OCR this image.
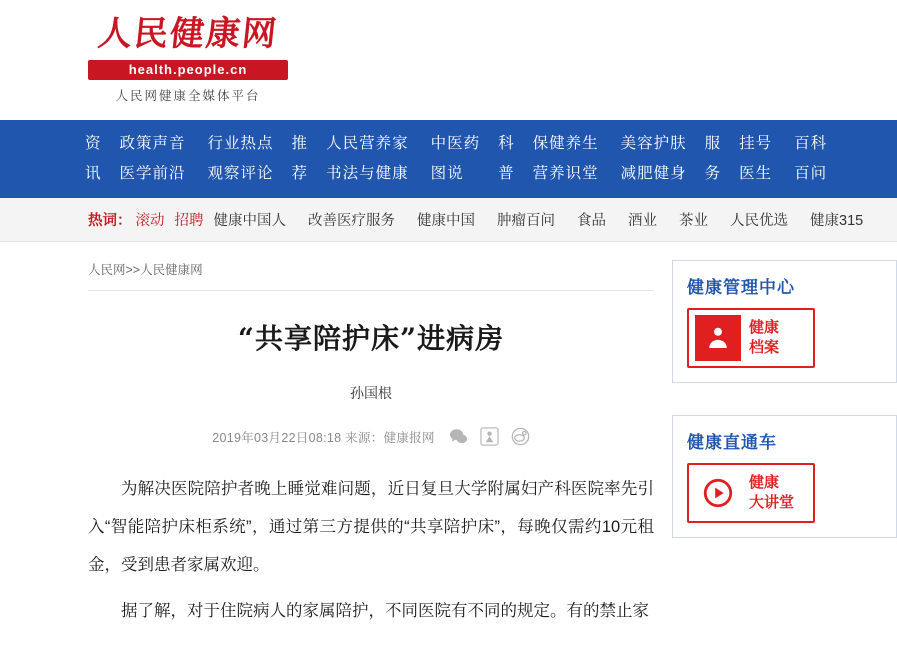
人民健康网
health.people.cn
人民网健康全媒体平台
资
讯
政策声音
医学前沿
行业热点
观察评论
推
荐
人民营养家
书法与健康
中医药
图说
科
普
保健养生
营养识堂
美容护肤
减肥健身
服
务
挂号
医生
百科
百问
热词： 滚动 招聘 健康中国人 改善医疗服务 健康中国 肿瘤百问 食品 酒业 茶业 人民优选 健康315
人民网>>人民健康网
“共享陪护床”进病房
孙国根
2019年03月22日08:18 来源：健康报网

为解决医院陪护者晚上睡觉难问题，近日复旦大学附属妇产科医院率先引入“智能陪护床柜系统”，通过第三方提供的“共享陪护床”，每晚仅需约10元租金，受到患者家属欢迎。

据了解，对于住院病人的家属陪护，不同医院有不同的规定。有的禁止家

健康管理中心
健康
档案
健康直通车
健康
大讲堂
